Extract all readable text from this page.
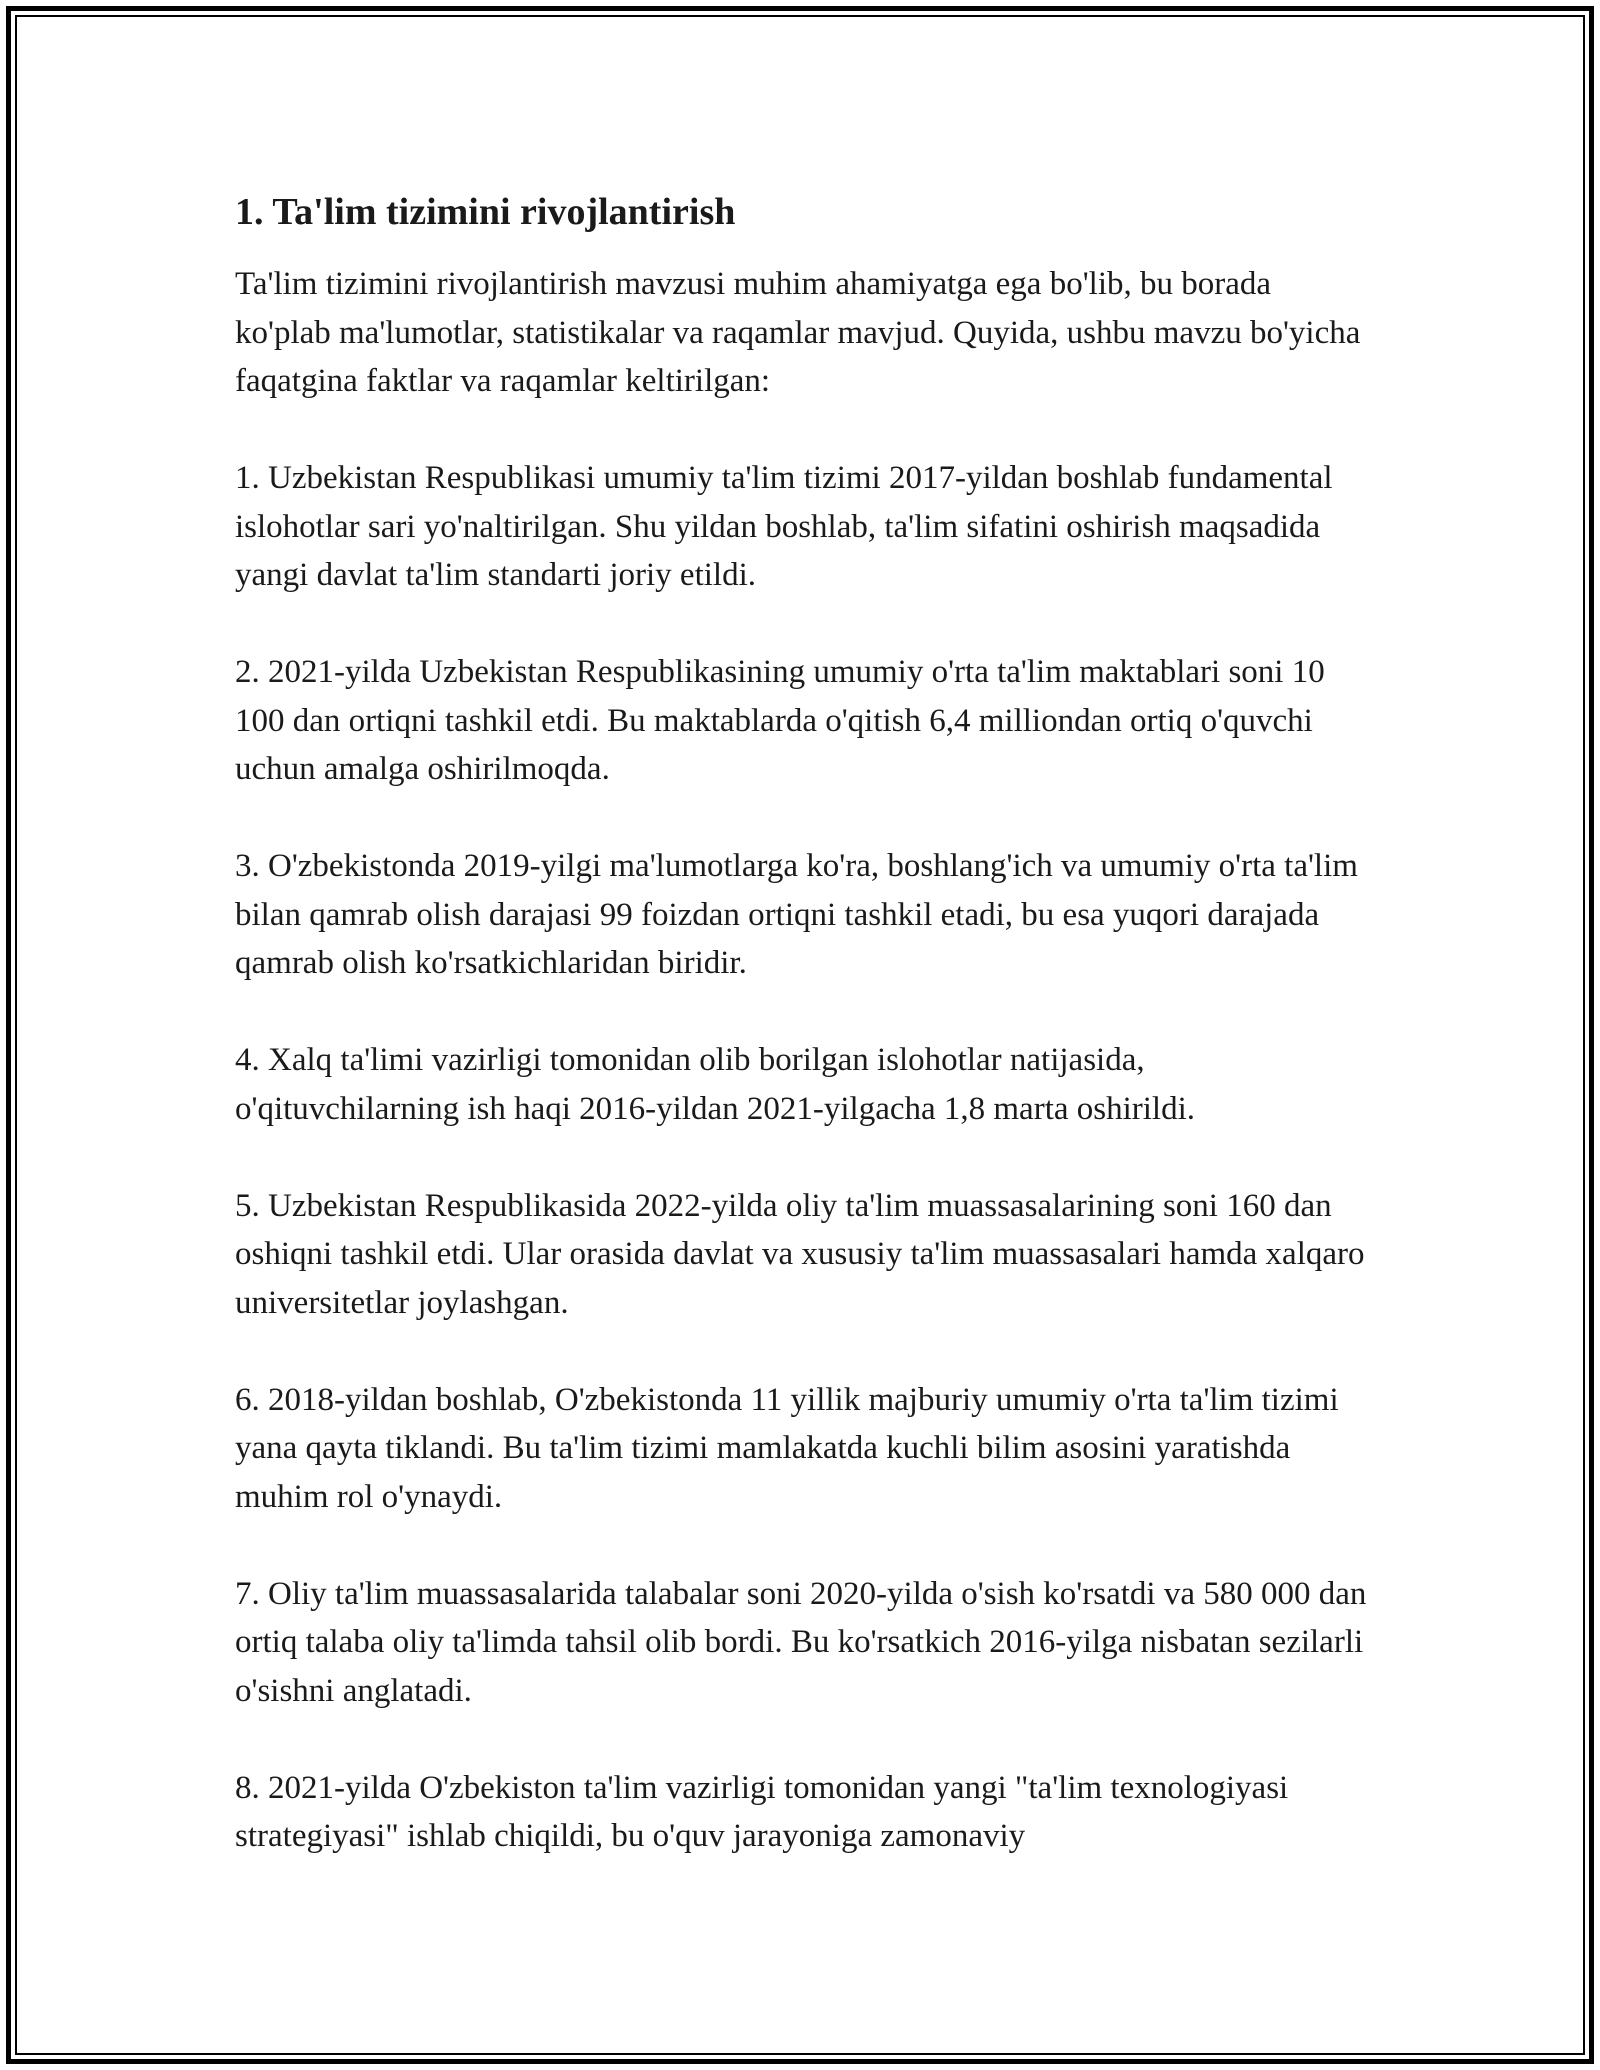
1. Ta'lim tizimini rivojlantirish

Ta'lim tizimini rivojlantirish mavzusi muhim ahamiyatga ega bo'lib, bu borada ko'plab ma'lumotlar, statistikalar va raqamlar mavjud. Quyida, ushbu mavzu bo'yicha faqatgina faktlar va raqamlar keltirilgan:

1. Uzbekistan Respublikasi umumiy ta'lim tizimi 2017-yildan boshlab fundamental islohotlar sari yo'naltirilgan. Shu yildan boshlab, ta'lim sifatini oshirish maqsadida yangi davlat ta'lim standarti joriy etildi.

2. 2021-yilda Uzbekistan Respublikasining umumiy o'rta ta'lim maktablari soni 10 100 dan ortiqni tashkil etdi. Bu maktablarda o'qitish 6,4 milliondan ortiq o'quvchi uchun amalga oshirilmoqda.

3. O'zbekistonda 2019-yilgi ma'lumotlarga ko'ra, boshlang'ich va umumiy o'rta ta'lim bilan qamrab olish darajasi 99 foizdan ortiqni tashkil etadi, bu esa yuqori darajada qamrab olish ko'rsatkichlaridan biridir.

4. Xalq ta'limi vazirligi tomonidan olib borilgan islohotlar natijasida, o'qituvchilarning ish haqi 2016-yildan 2021-yilgacha 1,8 marta oshirildi.

5. Uzbekistan Respublikasida 2022-yilda oliy ta'lim muassasalarining soni 160 dan oshiqni tashkil etdi. Ular orasida davlat va xususiy ta'lim muassasalari hamda xalqaro universitetlar joylashgan.

6. 2018-yildan boshlab, O'zbekistonda 11 yillik majburiy umumiy o'rta ta'lim tizimi yana qayta tiklandi. Bu ta'lim tizimi mamlakatda kuchli bilim asosini yaratishda muhim rol o'ynaydi.

7. Oliy ta'lim muassasalarida talabalar soni 2020-yilda o'sish ko'rsatdi va 580 000 dan ortiq talaba oliy ta'limda tahsil olib bordi. Bu ko'rsatkich 2016-yilga nisbatan sezilarli o'sishni anglatadi.

8. 2021-yilda O'zbekiston ta'lim vazirligi tomonidan yangi "ta'lim texnologiyasi strategiyasi" ishlab chiqildi, bu o'quv jarayoniga zamonaviy
